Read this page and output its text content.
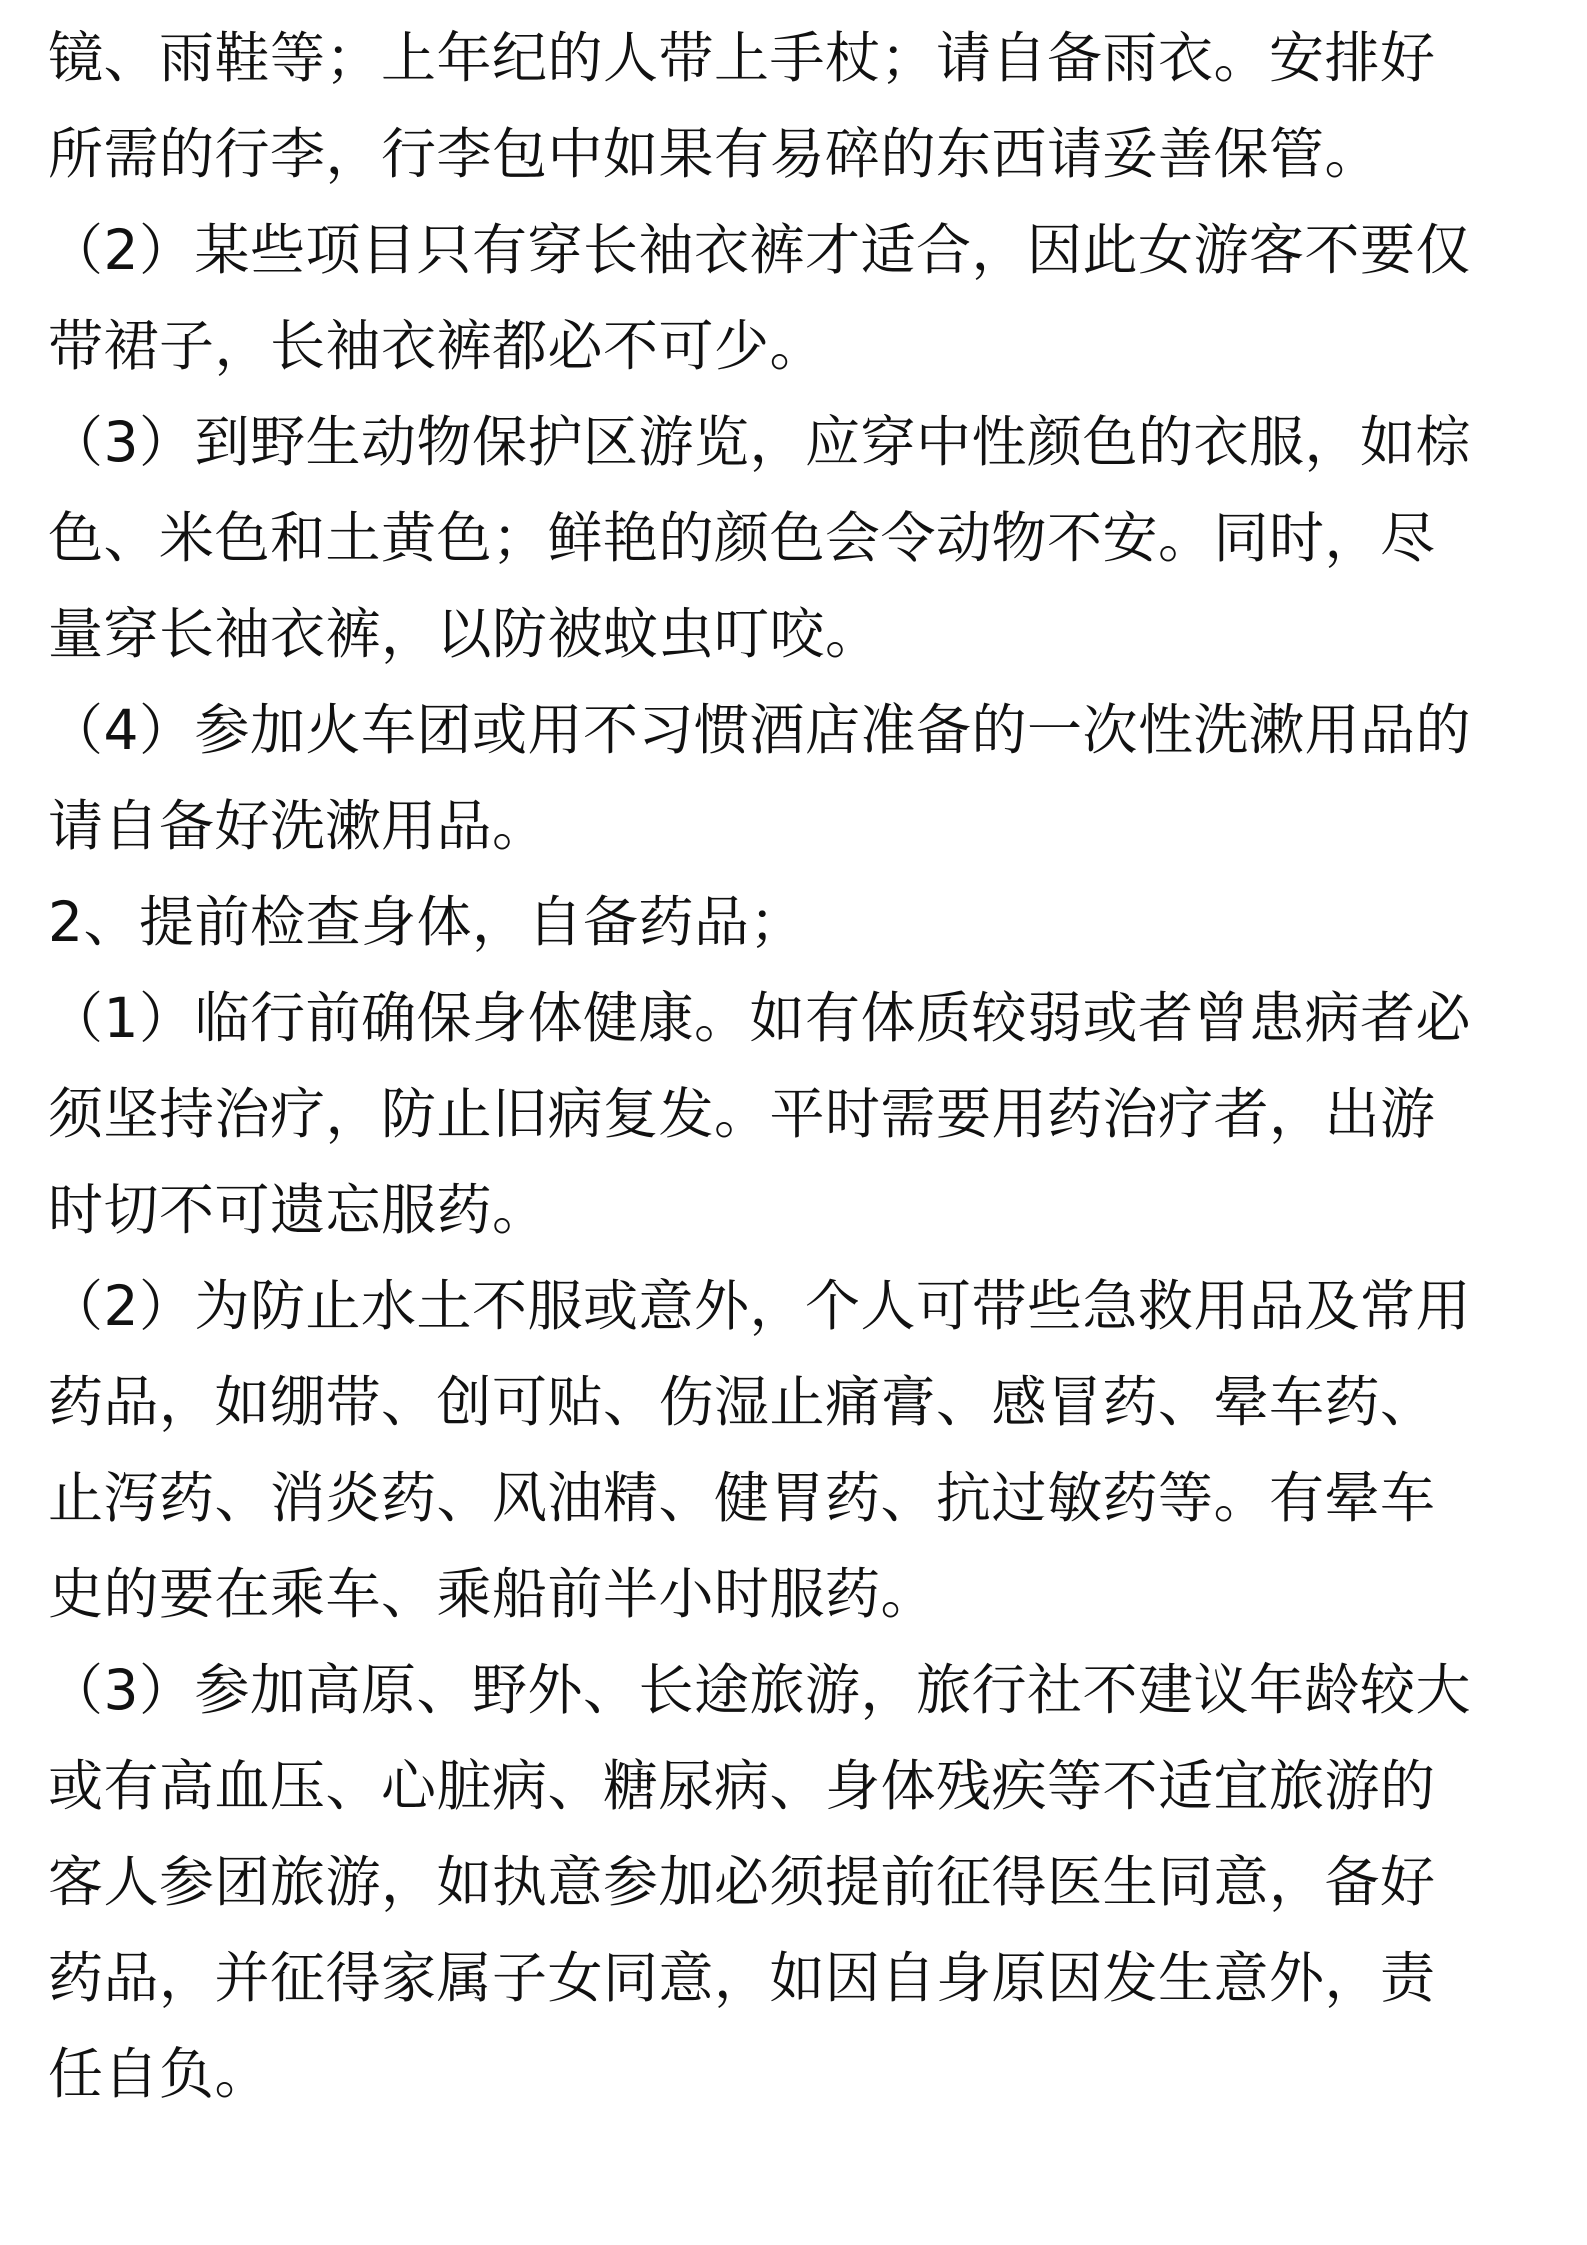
镜、雨鞋等；上年纪的人带上手杖；请自备雨衣。安排好

所需的行李，行李包中如果有易碎的东西请妥善保管。

（2）某些项目只有穿长袖衣裤才适合，因此女游客不要仅

带裙子，长袖衣裤都必不可少。

（3）到野生动物保护区游览，应穿中性颜色的衣服，如棕

色、米色和土黄色；鲜艳的颜色会令动物不安。同时，尽

量穿长袖衣裤，以防被蚊虫叮咬。

（4）参加火车团或用不习惯酒店准备的一次性洗漱用品的

请自备好洗漱用品。

2、提前检查身体，自备药品；

（1）临行前确保身体健康。如有体质较弱或者曾患病者必

须坚持治疗，防止旧病复发。平时需要用药治疗者，出游

时切不可遗忘服药。

（2）为防止水土不服或意外，个人可带些急救用品及常用

药品，如绷带、创可贴、伤湿止痛膏、感冒药、晕车药、

止泻药、消炎药、风油精、健胃药、抗过敏药等。有晕车

史的要在乘车、乘船前半小时服药。

（3）参加高原、野外、长途旅游，旅行社不建议年龄较大

或有高血压、心脏病、糖尿病、身体残疾等不适宜旅游的

客人参团旅游，如执意参加必须提前征得医生同意，备好

药品，并征得家属子女同意，如因自身原因发生意外，责

任自负。
